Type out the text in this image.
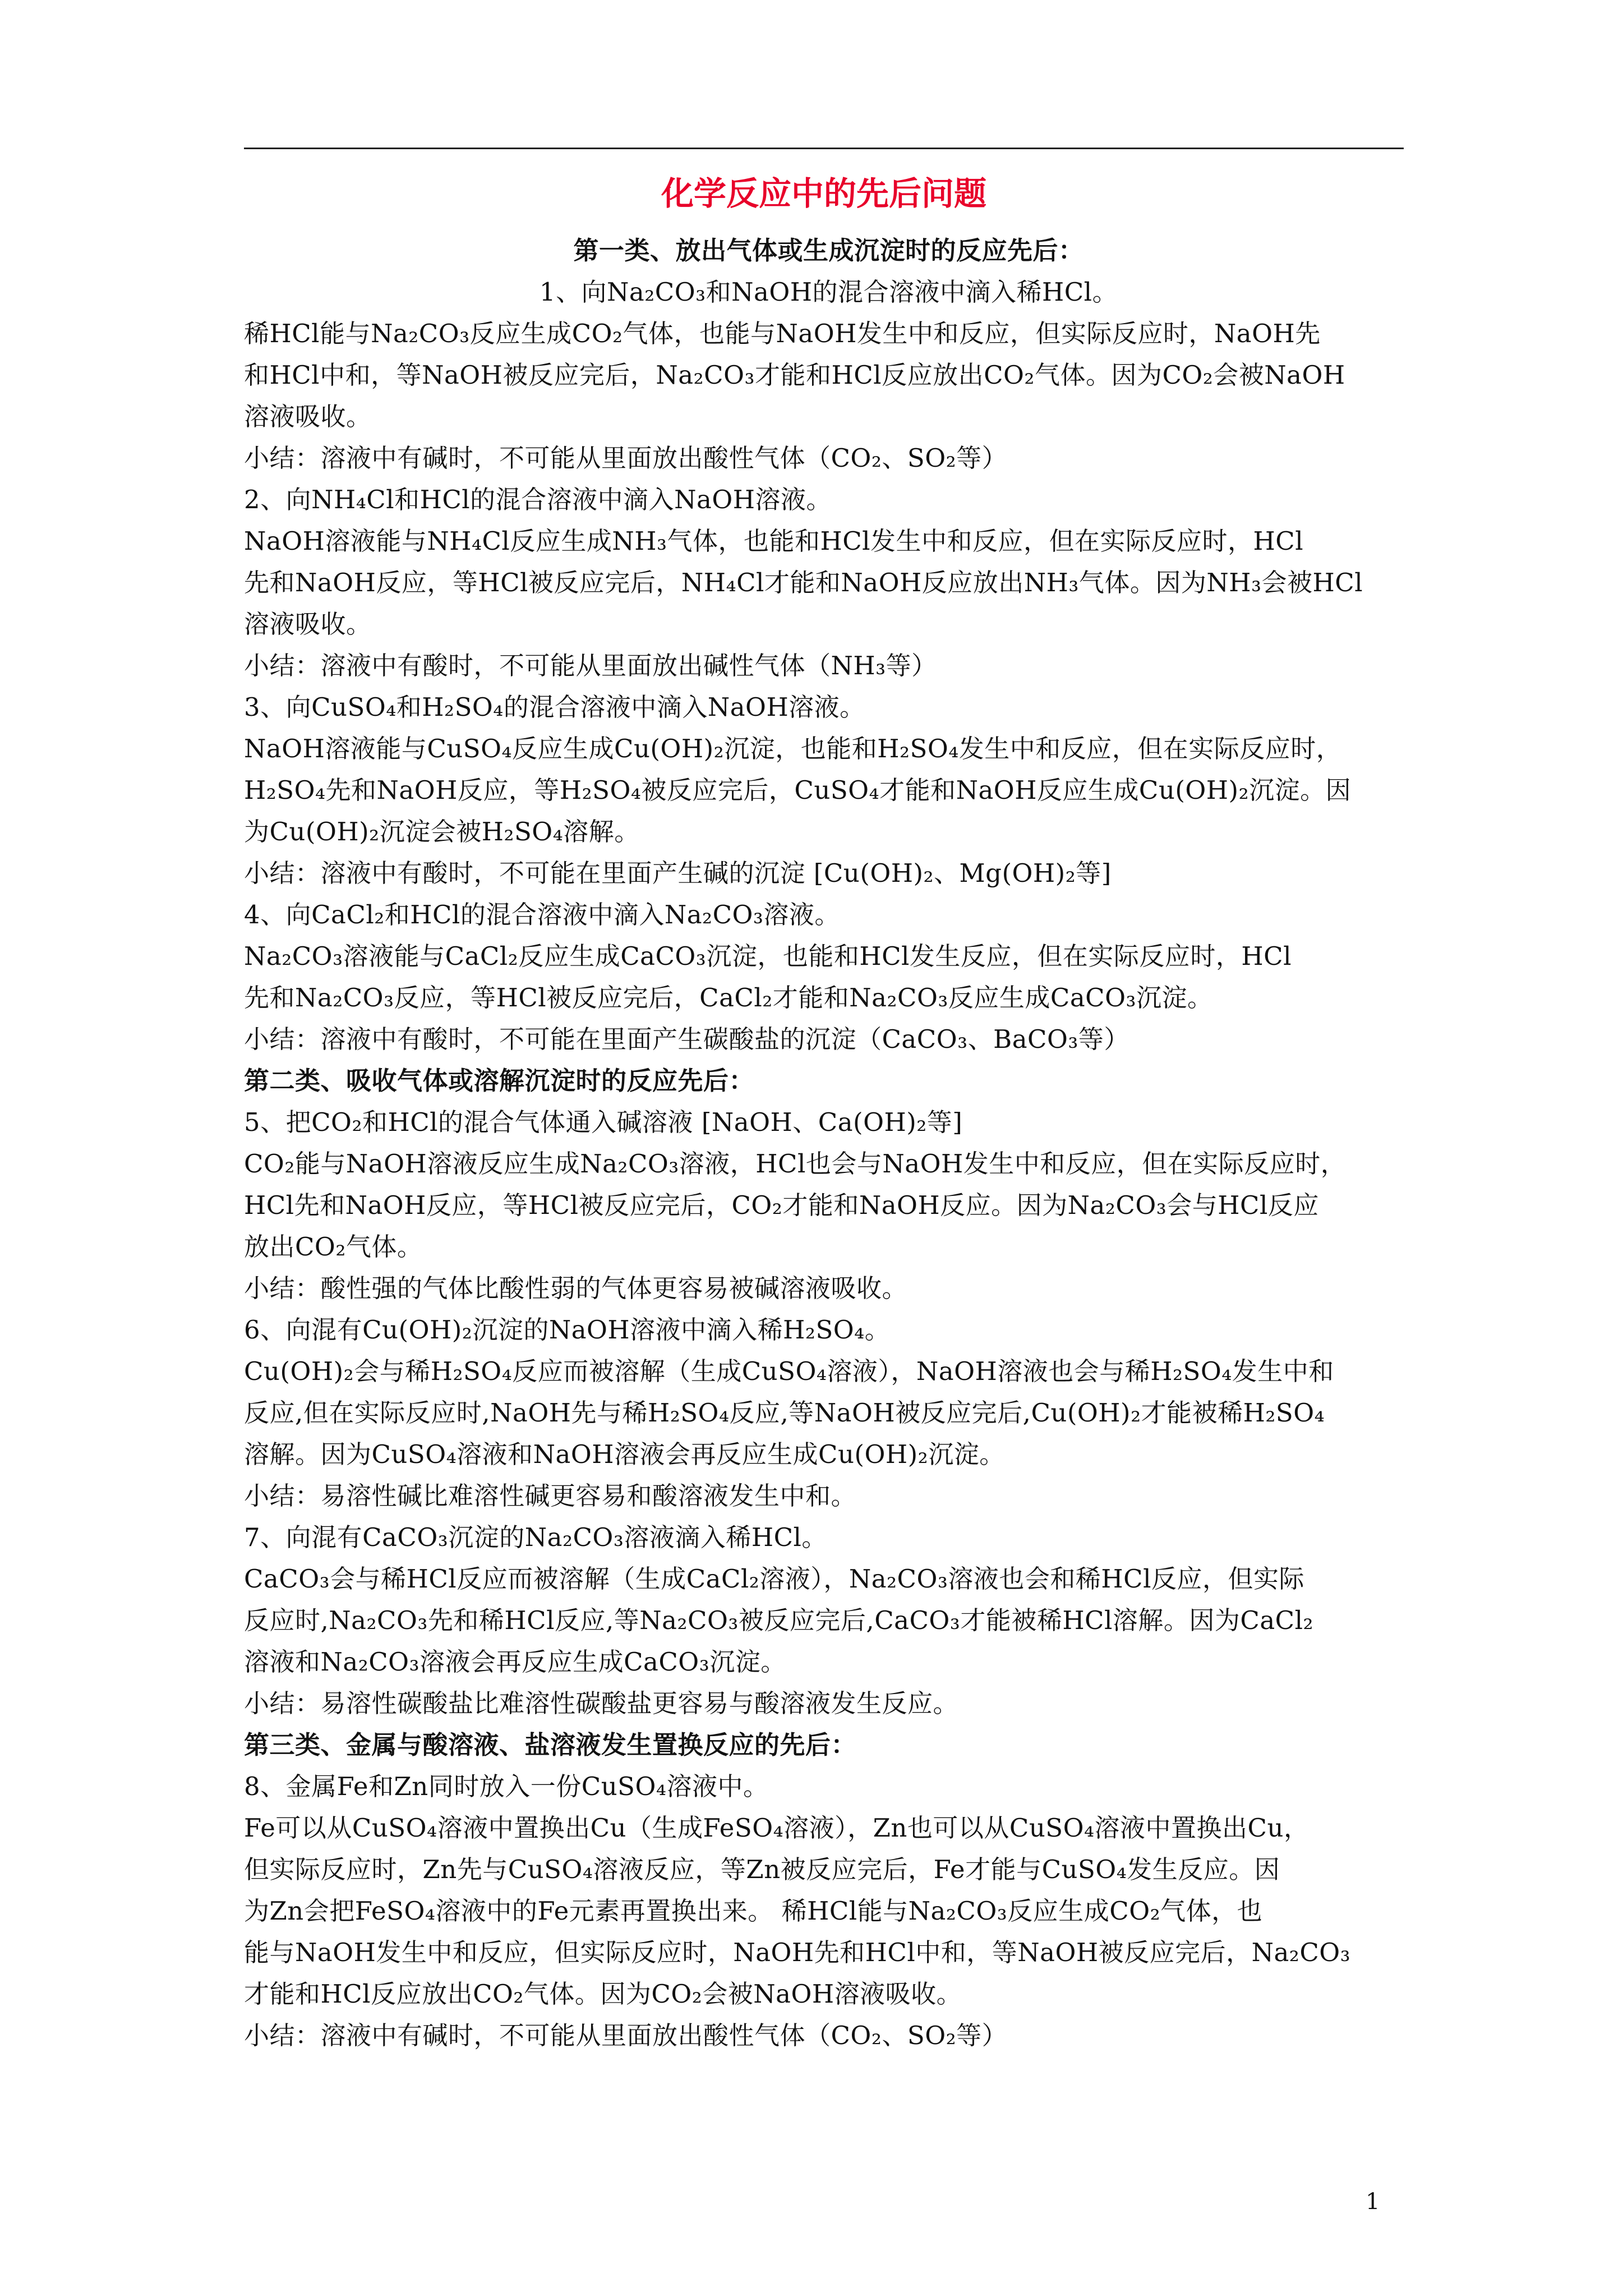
化学反应中的先后问题
第一类、放出气体或生成沉淀时的反应先后：
1、向Na₂CO₃和NaOH的混合溶液中滴入稀HCl。
稀HCl能与Na₂CO₃反应生成CO₂气体，也能与NaOH发生中和反应，但实际反应时，NaOH先
和HCl中和，等NaOH被反应完后，Na₂CO₃才能和HCl反应放出CO₂气体。因为CO₂会被NaOH
溶液吸收。
小结：溶液中有碱时，不可能从里面放出酸性气体（CO₂、SO₂等）
2、向NH₄Cl和HCl的混合溶液中滴入NaOH溶液。
NaOH溶液能与NH₄Cl反应生成NH₃气体，也能和HCl发生中和反应，但在实际反应时，HCl
先和NaOH反应，等HCl被反应完后，NH₄Cl才能和NaOH反应放出NH₃气体。因为NH₃会被HCl
溶液吸收。
小结：溶液中有酸时，不可能从里面放出碱性气体（NH₃等）
3、向CuSO₄和H₂SO₄的混合溶液中滴入NaOH溶液。
NaOH溶液能与CuSO₄反应生成Cu(OH)₂沉淀，也能和H₂SO₄发生中和反应，但在实际反应时，
H₂SO₄先和NaOH反应，等H₂SO₄被反应完后，CuSO₄才能和NaOH反应生成Cu(OH)₂沉淀。因
为Cu(OH)₂沉淀会被H₂SO₄溶解。
小结：溶液中有酸时，不可能在里面产生碱的沉淀 [Cu(OH)₂、Mg(OH)₂等]
4、向CaCl₂和HCl的混合溶液中滴入Na₂CO₃溶液。
Na₂CO₃溶液能与CaCl₂反应生成CaCO₃沉淀，也能和HCl发生反应，但在实际反应时，HCl
先和Na₂CO₃反应，等HCl被反应完后，CaCl₂才能和Na₂CO₃反应生成CaCO₃沉淀。
小结：溶液中有酸时，不可能在里面产生碳酸盐的沉淀（CaCO₃、BaCO₃等）
第二类、吸收气体或溶解沉淀时的反应先后：
5、把CO₂和HCl的混合气体通入碱溶液 [NaOH、Ca(OH)₂等]
CO₂能与NaOH溶液反应生成Na₂CO₃溶液，HCl也会与NaOH发生中和反应，但在实际反应时，
HCl先和NaOH反应，等HCl被反应完后，CO₂才能和NaOH反应。因为Na₂CO₃会与HCl反应
放出CO₂气体。
小结：酸性强的气体比酸性弱的气体更容易被碱溶液吸收。
6、向混有Cu(OH)₂沉淀的NaOH溶液中滴入稀H₂SO₄。
Cu(OH)₂会与稀H₂SO₄反应而被溶解（生成CuSO₄溶液），NaOH溶液也会与稀H₂SO₄发生中和
反应,但在实际反应时,NaOH先与稀H₂SO₄反应,等NaOH被反应完后,Cu(OH)₂才能被稀H₂SO₄
溶解。因为CuSO₄溶液和NaOH溶液会再反应生成Cu(OH)₂沉淀。
小结：易溶性碱比难溶性碱更容易和酸溶液发生中和。
7、向混有CaCO₃沉淀的Na₂CO₃溶液滴入稀HCl。
CaCO₃会与稀HCl反应而被溶解（生成CaCl₂溶液），Na₂CO₃溶液也会和稀HCl反应，但实际
反应时,Na₂CO₃先和稀HCl反应,等Na₂CO₃被反应完后,CaCO₃才能被稀HCl溶解。因为CaCl₂
溶液和Na₂CO₃溶液会再反应生成CaCO₃沉淀。
小结：易溶性碳酸盐比难溶性碳酸盐更容易与酸溶液发生反应。
第三类、金属与酸溶液、盐溶液发生置换反应的先后：
8、金属Fe和Zn同时放入一份CuSO₄溶液中。
Fe可以从CuSO₄溶液中置换出Cu（生成FeSO₄溶液），Zn也可以从CuSO₄溶液中置换出Cu，
但实际反应时，Zn先与CuSO₄溶液反应，等Zn被反应完后，Fe才能与CuSO₄发生反应。因
为Zn会把FeSO₄溶液中的Fe元素再置换出来。 稀HCl能与Na₂CO₃反应生成CO₂气体，也
能与NaOH发生中和反应，但实际反应时，NaOH先和HCl中和，等NaOH被反应完后，Na₂CO₃
才能和HCl反应放出CO₂气体。因为CO₂会被NaOH溶液吸收。
小结：溶液中有碱时，不可能从里面放出酸性气体（CO₂、SO₂等）
1
